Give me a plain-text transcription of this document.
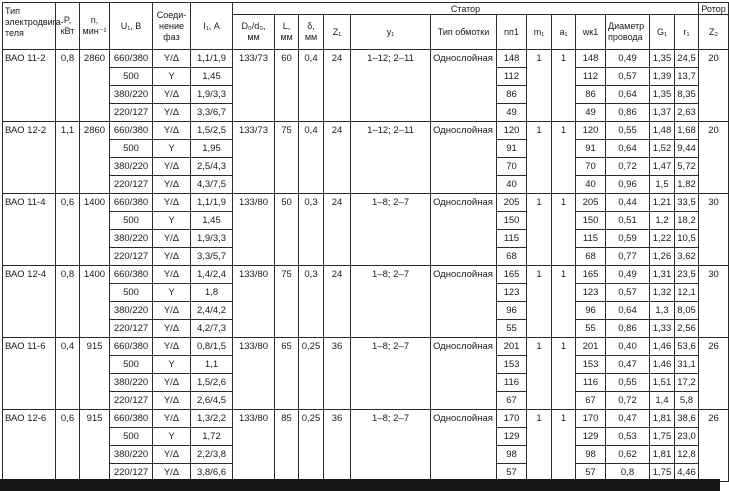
Тип электродвига-теля	P, кВт	n, мин⁻¹	U₁, В	Соеди-нение фаз	I₁, А	Статор													Ротор
						D₀/d₀, мм	L, мм	δ, мм	Z₁	y₁	Тип обмотки	nп1	m₁	a₁	wк1	Диаметр провода	G₁	r₁	Z₂
ВАО 11-2	0,8	2860	660/380	Y/Δ	1,1/1,9	133/73	60	0,4	24	1–12; 2–11	Однослойная	148	1	1	148	0,49	1,35	24,5	20
			500	Y	1,45							112			112	0,57	1,39	13,7	
			380/220	Y/Δ	1,9/3,3							86			86	0,64	1,35	8,35	
			220/127	Y/Δ	3,3/6,7							49			49	0,86	1,37	2,63	
ВАО 12-2	1,1	2860	660/380	Y/Δ	1,5/2,5	133/73	75	0,4	24	1–12; 2–11	Однослойная	120	1	1	120	0,55	1,48	1,68	20
			500	Y	1,95							91			91	0,64	1,52	9,44	
			380/220	Y/Δ	2,5/4,3							70			70	0,72	1,47	5,72	
			220/127	Y/Δ	4,3/7,5							40			40	0,96	1,5	1,82	
ВАО 11-4	0,6	1400	660/380	Y/Δ	1,1/1,9	133/80	50	0,3	24	1–8; 2–7	Однослойная	205	1	1	205	0,44	1,21	33,5	30
			500	Y	1,45							150			150	0,51	1,2	18,2	
			380/220	Y/Δ	1,9/3,3							115			115	0,59	1,22	10,5	
			220/127	Y/Δ	3,3/5,7							68			68	0,77	1,26	3,62	
ВАО 12-4	0,8	1400	660/380	Y/Δ	1,4/2,4	133/80	75	0,3	24	1–8; 2–7	Однослойная	165	1	1	165	0,49	1,31	23,5	30
			500	Y	1,8							123			123	0,57	1,32	12,1	
			380/220	Y/Δ	2,4/4,2							96			96	0,64	1,3	8,05	
			220/127	Y/Δ	4,2/7,3							55			55	0,86	1,33	2,56	
ВАО 11-6	0,4	915	660/380	Y/Δ	0,8/1,5	133/80	65	0,25	36	1–8; 2–7	Однослойная	201	1	1	201	0,40	1,46	53,6	26
			500	Y	1,1							153			153	0,47	1,46	31,1	
			380/220	Y/Δ	1,5/2,6							116			116	0,55	1,51	17,2	
			220/127	Y/Δ	2,6/4,5							67			67	0,72	1,4	5,8	
ВАО 12-6	0,6	915	660/380	Y/Δ	1,3/2,2	133/80	85	0,25	36	1–8; 2–7	Однослойная	170	1	1	170	0,47	1,81	38,6	26
			500	Y	1,72							129			129	0,53	1,75	23,0	
			380/220	Y/Δ	2,2/3,8							98			98	0,62	1,81	12,8	
			220/127	Y/Δ	3,8/6,6							57			57	0,8	1,75	4,46	
